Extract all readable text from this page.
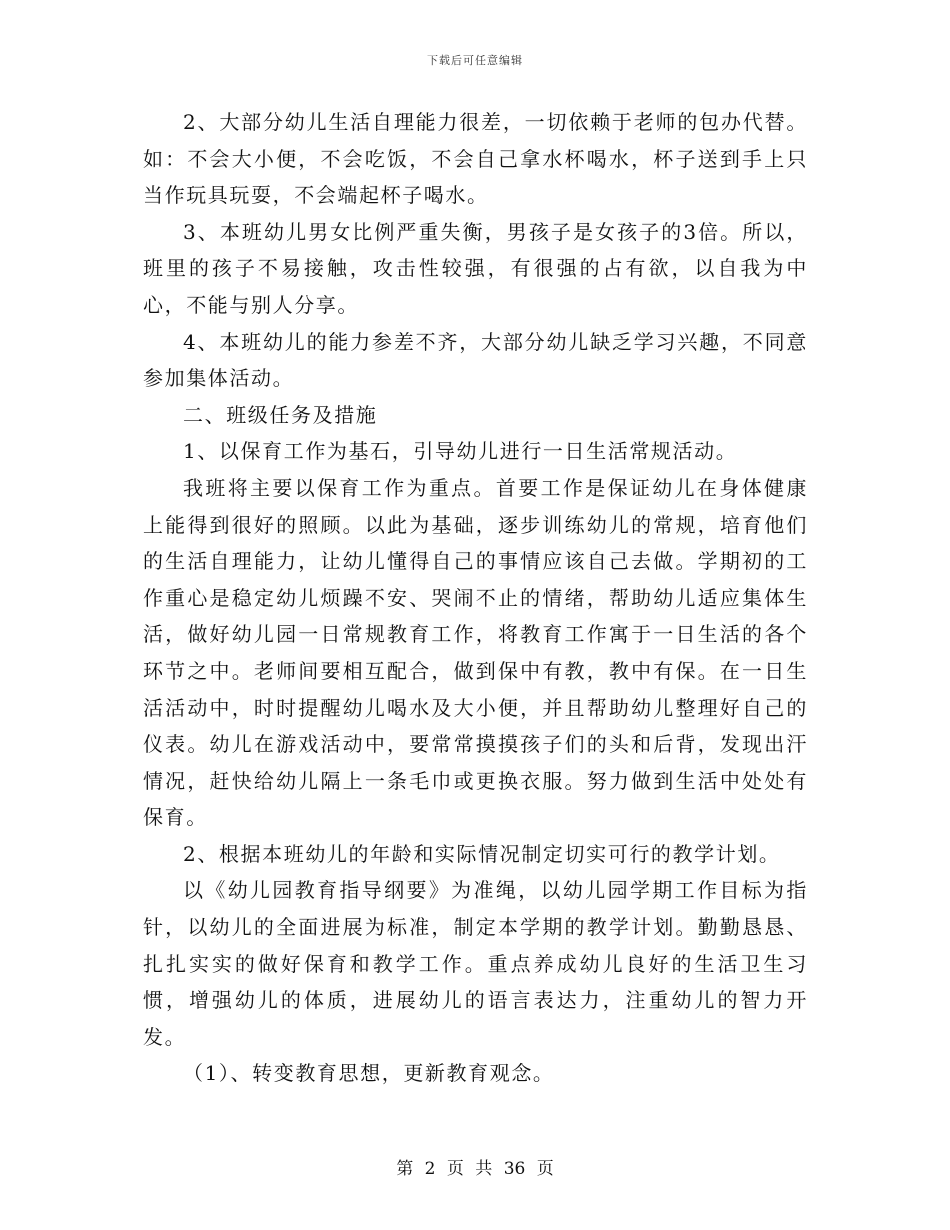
下载后可任意编辑

2、大部分幼儿生活自理能力很差，一切依赖于老师的包办代替。如：不会大小便，不会吃饭，不会自己拿水杯喝水，杯子送到手上只当作玩具玩耍，不会端起杯子喝水。

3、本班幼儿男女比例严重失衡，男孩子是女孩子的3倍。所以，班里的孩子不易接触，攻击性较强，有很强的占有欲，以自我为中心，不能与别人分享。

4、本班幼儿的能力参差不齐，大部分幼儿缺乏学习兴趣，不同意参加集体活动。

二、班级任务及措施

1、以保育工作为基石，引导幼儿进行一日生活常规活动。

我班将主要以保育工作为重点。首要工作是保证幼儿在身体健康上能得到很好的照顾。以此为基础，逐步训练幼儿的常规，培育他们的生活自理能力，让幼儿懂得自己的事情应该自己去做。学期初的工作重心是稳定幼儿烦躁不安、哭闹不止的情绪，帮助幼儿适应集体生活，做好幼儿园一日常规教育工作，将教育工作寓于一日生活的各个环节之中。老师间要相互配合，做到保中有教，教中有保。在一日生活活动中，时时提醒幼儿喝水及大小便，并且帮助幼儿整理好自己的仪表。幼儿在游戏活动中，要常常摸摸孩子们的头和后背，发现出汗情况，赶快给幼儿隔上一条毛巾或更换衣服。努力做到生活中处处有保育。

2、根据本班幼儿的年龄和实际情况制定切实可行的教学计划。

以《幼儿园教育指导纲要》为准绳，以幼儿园学期工作目标为指针，以幼儿的全面进展为标准，制定本学期的教学计划。勤勤恳恳、扎扎实实的做好保育和教学工作。重点养成幼儿良好的生活卫生习惯，增强幼儿的体质，进展幼儿的语言表达力，注重幼儿的智力开发。

（1）、转变教育思想，更新教育观念。

第 2 页 共 36 页
